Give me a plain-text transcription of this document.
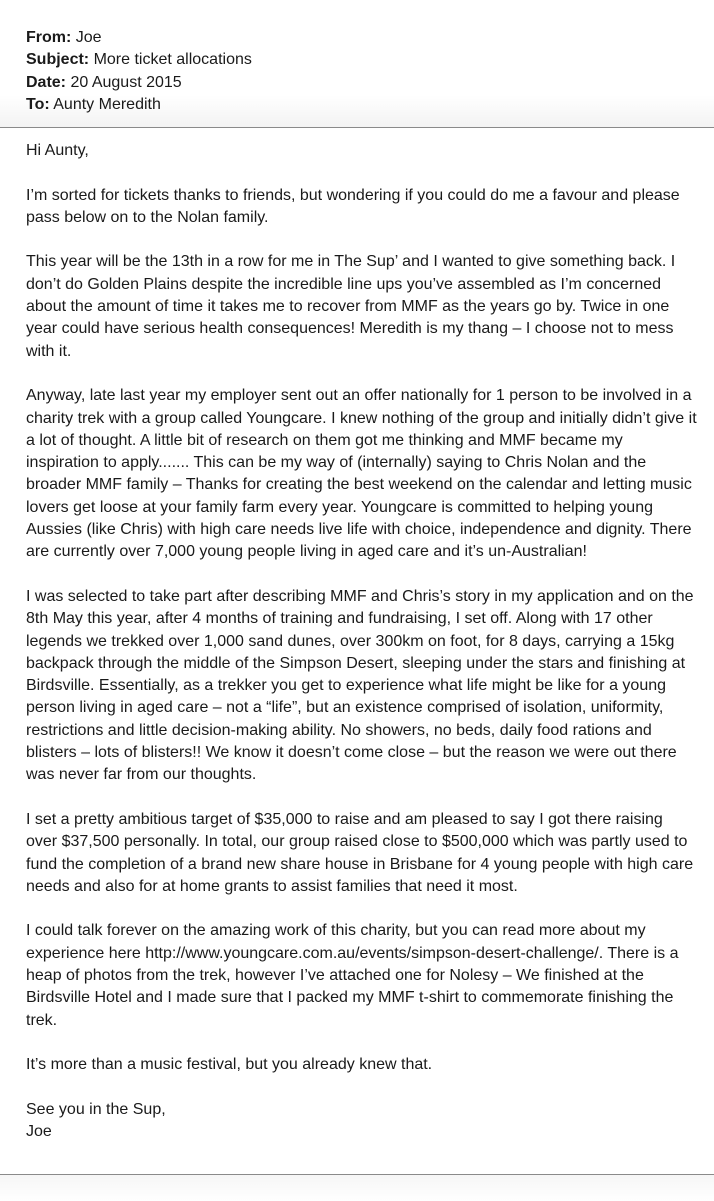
From: Joe
Subject: More ticket allocations
Date: 20 August 2015
To: Aunty Meredith

Hi Aunty,

I’m sorted for tickets thanks to friends, but wondering if you could do me a favour and please pass below on to the Nolan family.

This year will be the 13th in a row for me in The Sup’ and I wanted to give something back. I don’t do Golden Plains despite the incredible line ups you’ve assembled as I’m concerned about the amount of time it takes me to recover from MMF as the years go by. Twice in one year could have serious health consequences! Meredith is my thang – I choose not to mess with it.

Anyway, late last year my employer sent out an offer nationally for 1 person to be involved in a charity trek with a group called Youngcare. I knew nothing of the group and initially didn’t give it a lot of thought. A little bit of research on them got me thinking and MMF became my inspiration to apply....... This can be my way of (internally) saying to Chris Nolan and the broader MMF family – Thanks for creating the best weekend on the calendar and letting music lovers get loose at your family farm every year. Youngcare is committed to helping young Aussies (like Chris) with high care needs live life with choice, independence and dignity. There are currently over 7,000 young people living in aged care and it’s un-Australian!

I was selected to take part after describing MMF and Chris’s story in my application and on the 8th May this year, after 4 months of training and fundraising, I set off. Along with 17 other legends we trekked over 1,000 sand dunes, over 300km on foot, for 8 days, carrying a 15kg backpack through the middle of the Simpson Desert, sleeping under the stars and finishing at Birdsville. Essentially, as a trekker you get to experience what life might be like for a young person living in aged care – not a “life”, but an existence comprised of isolation, uniformity, restrictions and little decision-making ability. No showers, no beds, daily food rations and blisters – lots of blisters!! We know it doesn’t come close – but the reason we were out there was never far from our thoughts.

I set a pretty ambitious target of $35,000 to raise and am pleased to say I got there raising over $37,500 personally. In total, our group raised close to $500,000 which was partly used to fund the completion of a brand new share house in Brisbane for 4 young people with high care needs and also for at home grants to assist families that need it most.

I could talk forever on the amazing work of this charity, but you can read more about my experience here http://www.youngcare.com.au/events/simpson-desert-challenge/. There is a heap of photos from the trek, however I’ve attached one for Nolesy – We finished at the Birdsville Hotel and I made sure that I packed my MMF t-shirt to commemorate finishing the trek.

It’s more than a music festival, but you already knew that.

See you in the Sup,
Joe
